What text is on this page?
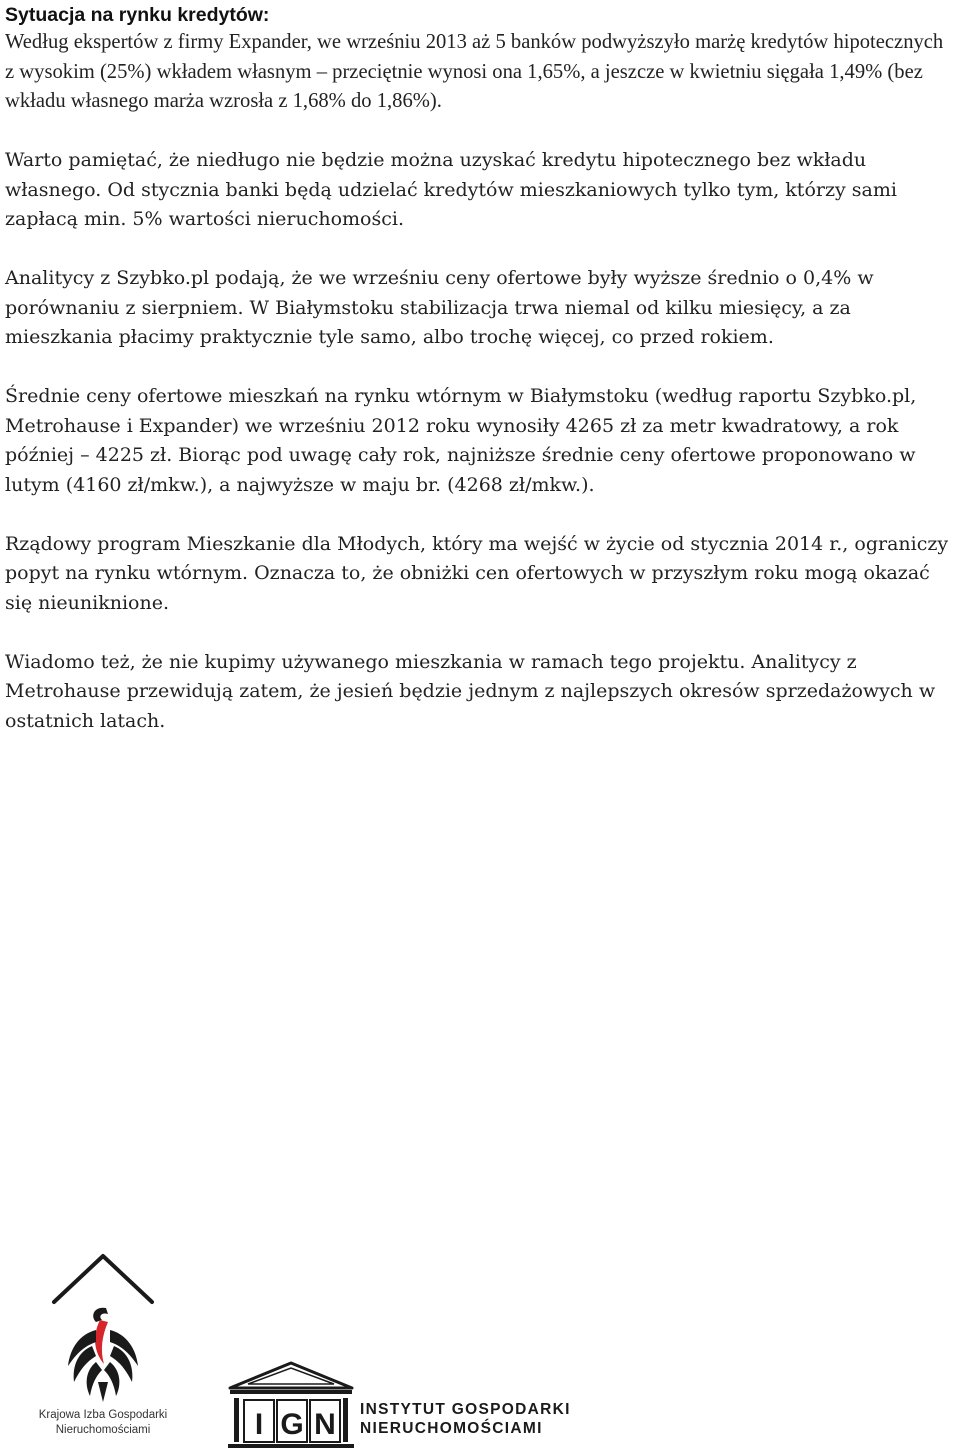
Sytuacja na rynku kredytów:

Według ekspertów z firmy Expander, we wrześniu 2013 aż 5 banków podwyższyło marżę kredytów hipotecznych z wysokim (25%) wkładem własnym – przeciętnie wynosi ona 1,65%, a jeszcze w kwietniu sięgała 1,49% (bez wkładu własnego marża wzrosła z 1,68% do 1,86%).

Warto pamiętać, że niedługo nie będzie można uzyskać kredytu hipotecznego bez wkładu własnego. Od stycznia banki będą udzielać kredytów mieszkaniowych tylko tym, którzy sami zapłacą min. 5% wartości nieruchomości.

Analitycy z Szybko.pl podają, że we wrześniu ceny ofertowe były wyższe średnio o 0,4% w porównaniu z sierpniem. W Białymstoku stabilizacja trwa niemal od kilku miesięcy, a za mieszkania płacimy praktycznie tyle samo, albo trochę więcej, co przed rokiem.

Średnie ceny ofertowe mieszkań na rynku wtórnym w Białymstoku (według raportu Szybko.pl, Metrohause i Expander) we wrześniu 2012 roku wynosiły 4265 zł za metr kwadratowy, a rok później – 4225 zł. Biorąc pod uwagę cały rok, najniższe średnie ceny ofertowe proponowano w lutym (4160 zł/mkw.), a najwyższe w maju br. (4268 zł/mkw.).

Rządowy program Mieszkanie dla Młodych, który ma wejść w życie od stycznia 2014 r., ograniczy popyt na rynku wtórnym. Oznacza to, że obniżki cen ofertowych w przyszłym roku mogą okazać się nieuniknione.

Wiadomo też, że nie kupimy używanego mieszkania w ramach tego projektu. Analitycy z Metrohause przewidują zatem, że jesień będzie jednym z najlepszych okresów sprzedażowych w ostatnich latach.

Krajowa Izba Gospodarki
Nieruchomościami	I G N INSTYTUT GOSPODARKI
NIERUCHOMOŚCIAMI
